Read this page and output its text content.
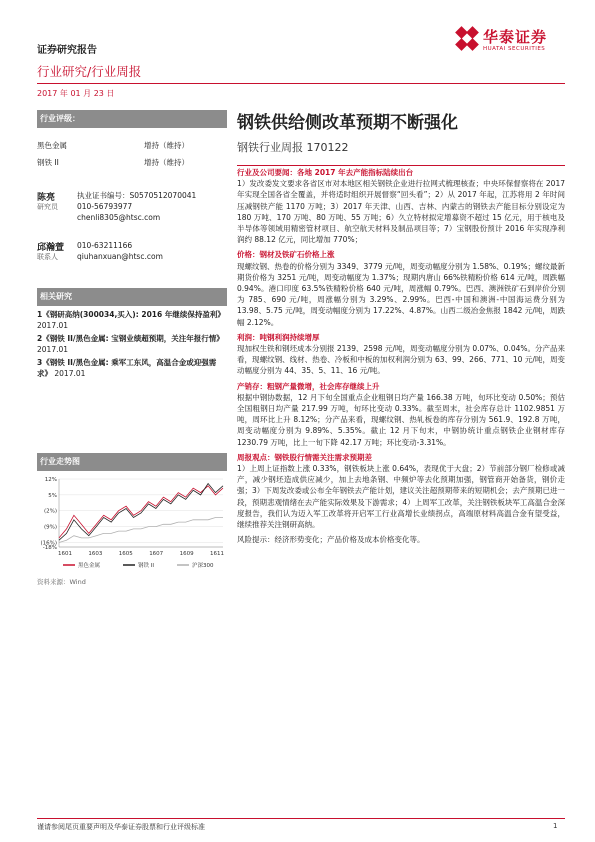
证券研究报告
华泰证券
HUATAI SECURITIES
行业研究/行业周报
2017 年 01 月 23 日
行业评级：
黑色金属	增持（维持）
钢铁 II	增持（维持）
陈亮
研究员
执业证书编号：S0570512070041
010-56793977
chenli8305@htsc.com
邱瀚萱
联系人
010-63211166
qiuhanxuan@htsc.com
相关研究

1《钢研高纳(300034,买入): 2016 年继续保持盈利》 2017.01

2《钢铁 II/黑色金属: 宝钢业绩超预期，关注年报行情》 2017.01

3《钢铁 II/黑色金属: 乘军工东风，高温合金或迎强需求》 2017.01

行业走势图
12%
5%
(2%)
(9%)
(16%)
-18%
1601	1603	1605	1607	1609	1611
黑色金属	钢铁 II	沪深300
资料来源：Wind
钢铁供给侧改革预期不断强化
钢铁行业周报 170122
行业及公司要闻：各地 2017 年去产能指标陆续出台
1）发改委发文要求各省区市对本地区相关钢铁企业进行拉网式梳理核查；中央环保督察将在 2017 年实现全国各省全覆盖，并将适时组织开展督察“回头看”；2）从 2017 年起，江苏将用 2 年时间压减钢铁产能 1170 万吨；3）2017 年天津、山西、吉林、内蒙古的钢铁去产能目标分别设定为 180 万吨、170 万吨、80 万吨、55 万吨；6）久立特材拟定增募资不超过 15 亿元，用于核电及半导体等领域用精密管材项目、航空航天材料及制品项目等；7）宝钢股份预计 2016 年实现净利润约 88.12 亿元，同比增加 770%；
价格：钢材及铁矿石价格上涨
现螺纹钢、热卷的价格分别为 3349、3779 元/吨，周变动幅度分别为 1.58%、0.19%；螺纹最新期货价格为 3251 元/吨，周变动幅度为 1.37%；现期内唐山 66%铁精粉价格 614 元/吨，周跌幅 0.94%。港口印度 63.5%铁精粉价格 640 元/吨，周涨幅 0.79%。巴西、澳洲铁矿石到岸价分别为 785、690 元/吨，周涨幅分别为 3.29%、2.99%。巴西-中国和澳洲-中国海运费分别为 13.98、5.75 元/吨，周变动幅度分别为 17.22%、4.87%。山西二级冶金焦报 1842 元/吨，周跌幅 2.12%。
利润：吨钢利润持续增厚
现加权生铁和钢坯成本分别报 2139、2598 元/吨，周变动幅度分别为 0.07%、0.04%。分产品来看，现螺纹钢、线材、热卷、冷板和中板的加权利润分别为 63、99、266、771、10 元/吨，周变动幅度分别为 44、35、5、11、16 元/吨。
产销存：粗钢产量微增，社会库存继续上升
根据中钢协数据，12 月下旬全国重点企业粗钢日均产量 166.38 万吨，旬环比变动 0.50%；预估全国粗钢日均产量 217.99 万吨，旬环比变动 0.33%。截至周末，社会库存总计 1102.9851 万吨，周环比上升 8.12%；分产品来看，现螺纹钢、热轧板卷的库存分别为 561.9、192.8 万吨，周变动幅度分别为 9.89%、5.35%。截止 12 月下旬末，中钢协统计重点钢铁企业钢材库存 1230.79 万吨，比上一旬下降 42.17 万吨；环比变动-3.31%。
周报观点：钢铁股行情需关注需求预期差
1）上周上证指数上涨 0.33%，钢铁板块上涨 0.64%，表现优于大盘；2）节前部分钢厂检修或减产，减少钢坯造成供应减少，加上去地条钢、中频炉等去化预期加强，钢管商开始备货，钢价走强；3）下周发改委或公布全年钢铁去产能计划，建议关注超预期带来的短期机会；去产预期已进一段，预期悲观情绪在去产能实际效果及下游需求；4）上周军工改革，关注钢铁板块军工高温合金深度报告，我们认为迈入军工改革将开启军工行业高增长业绩拐点，高端原材料高温合金有望受益，继续推荐关注钢研高纳。
风险提示：经济形势变化；产品价格及成本价格变化等。
谨请参阅尾页重要声明及华泰证券股票和行业评级标准	1
